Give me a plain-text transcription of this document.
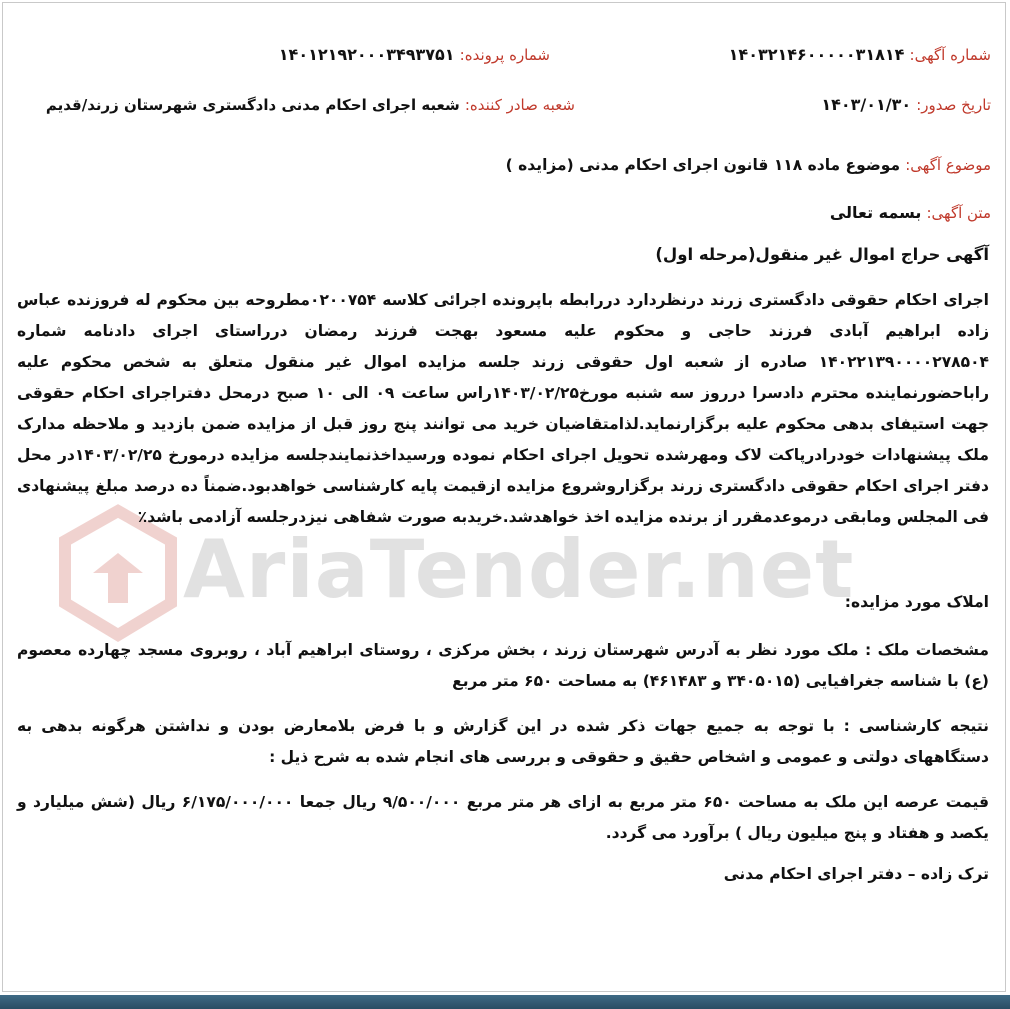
AriaTender.net
شماره آگهی: ۱۴۰۳۲۱۴۶۰۰۰۰۰۳۱۸۱۴
شماره پرونده: ۱۴۰۱۲۱۹۲۰۰۰۳۴۹۳۷۵۱
تاریخ صدور: ۱۴۰۳/۰۱/۳۰
شعبه صادر کننده: شعبه اجرای احکام مدنی دادگستری شهرستان زرند/قدیم
موضوع آگهی: موضوع ماده ۱۱۸ قانون اجرای احکام مدنی (مزایده )
متن آگهی: بسمه تعالی
آگهی حراج اموال غیر منقول(مرحله اول)
اجرای احکام حقوقی دادگستری زرند درنظردارد دررابطه باپرونده اجرائی کلاسه ۰۲۰۰۷۵۴مطروحه بین محکوم له فروزنده عباس زاده ابراهیم آبادی فرزند حاجی و محکوم علیه مسعود بهجت فرزند رمضان درراستای اجرای دادنامه شماره ۱۴۰۲۲۱۳۹۰۰۰۰۲۷۸۵۰۴ صادره از شعبه اول حقوقی زرند جلسه مزایده اموال غیر منقول متعلق به شخص محکوم علیه راباحضورنماینده محترم دادسرا درروز سه شنبه مورخ۱۴۰۳/۰۲/۲۵راس ساعت ۰۹ الی ۱۰ صبح درمحل دفتراجرای احکام حقوقی جهت استیفای بدهی محکوم علیه برگزارنماید.لذامتقاضیان خرید می توانند پنج روز قبل از مزایده ضمن بازدید و ملاحظه مدارک ملک پیشنهادات خودرادرپاکت لاک ومهرشده تحویل اجرای احکام نموده ورسیداخذنمایندجلسه مزایده درمورخ ۱۴۰۳/۰۲/۲۵در محل دفتر اجرای احکام حقوقی دادگستری زرند برگزاروشروع مزایده ازقیمت پایه کارشناسی خواهدبود.ضمناً ده درصد مبلغ پیشنهادی فی المجلس ومابقی درموعدمقرر از برنده مزایده اخذ خواهدشد.خریدبه صورت شفاهی نیزدرجلسه آزادمی باشد٪
املاک مورد مزایده:
مشخصات ملک : ملک مورد نظر به آدرس شهرستان زرند ، بخش مرکزی ، روستای ابراهیم آباد ، روبروی مسجد چهارده معصوم (ع) با شناسه جغرافیایی (۳۴۰۵۰۱۵ و ۴۶۱۴۸۳) به مساحت ۶۵۰ متر مربع
نتیجه کارشناسی : با توجه به جمیع جهات ذکر شده در این گزارش و با فرض بلامعارض بودن و نداشتن هرگونه بدهی به دستگاههای دولتی و عمومی و اشخاص حقیق و حقوقی و بررسی های انجام شده به شرح ذیل :
قیمت عرصه این ملک به مساحت ۶۵۰ متر مربع به ازای هر متر مربع ۹/۵۰۰/۰۰۰ ریال جمعا ۶/۱۷۵/۰۰۰/۰۰۰ ریال (شش میلیارد و یکصد و هفتاد و پنج میلیون ریال ) برآورد می گردد.
ترک زاده – دفتر اجرای احکام مدنی
